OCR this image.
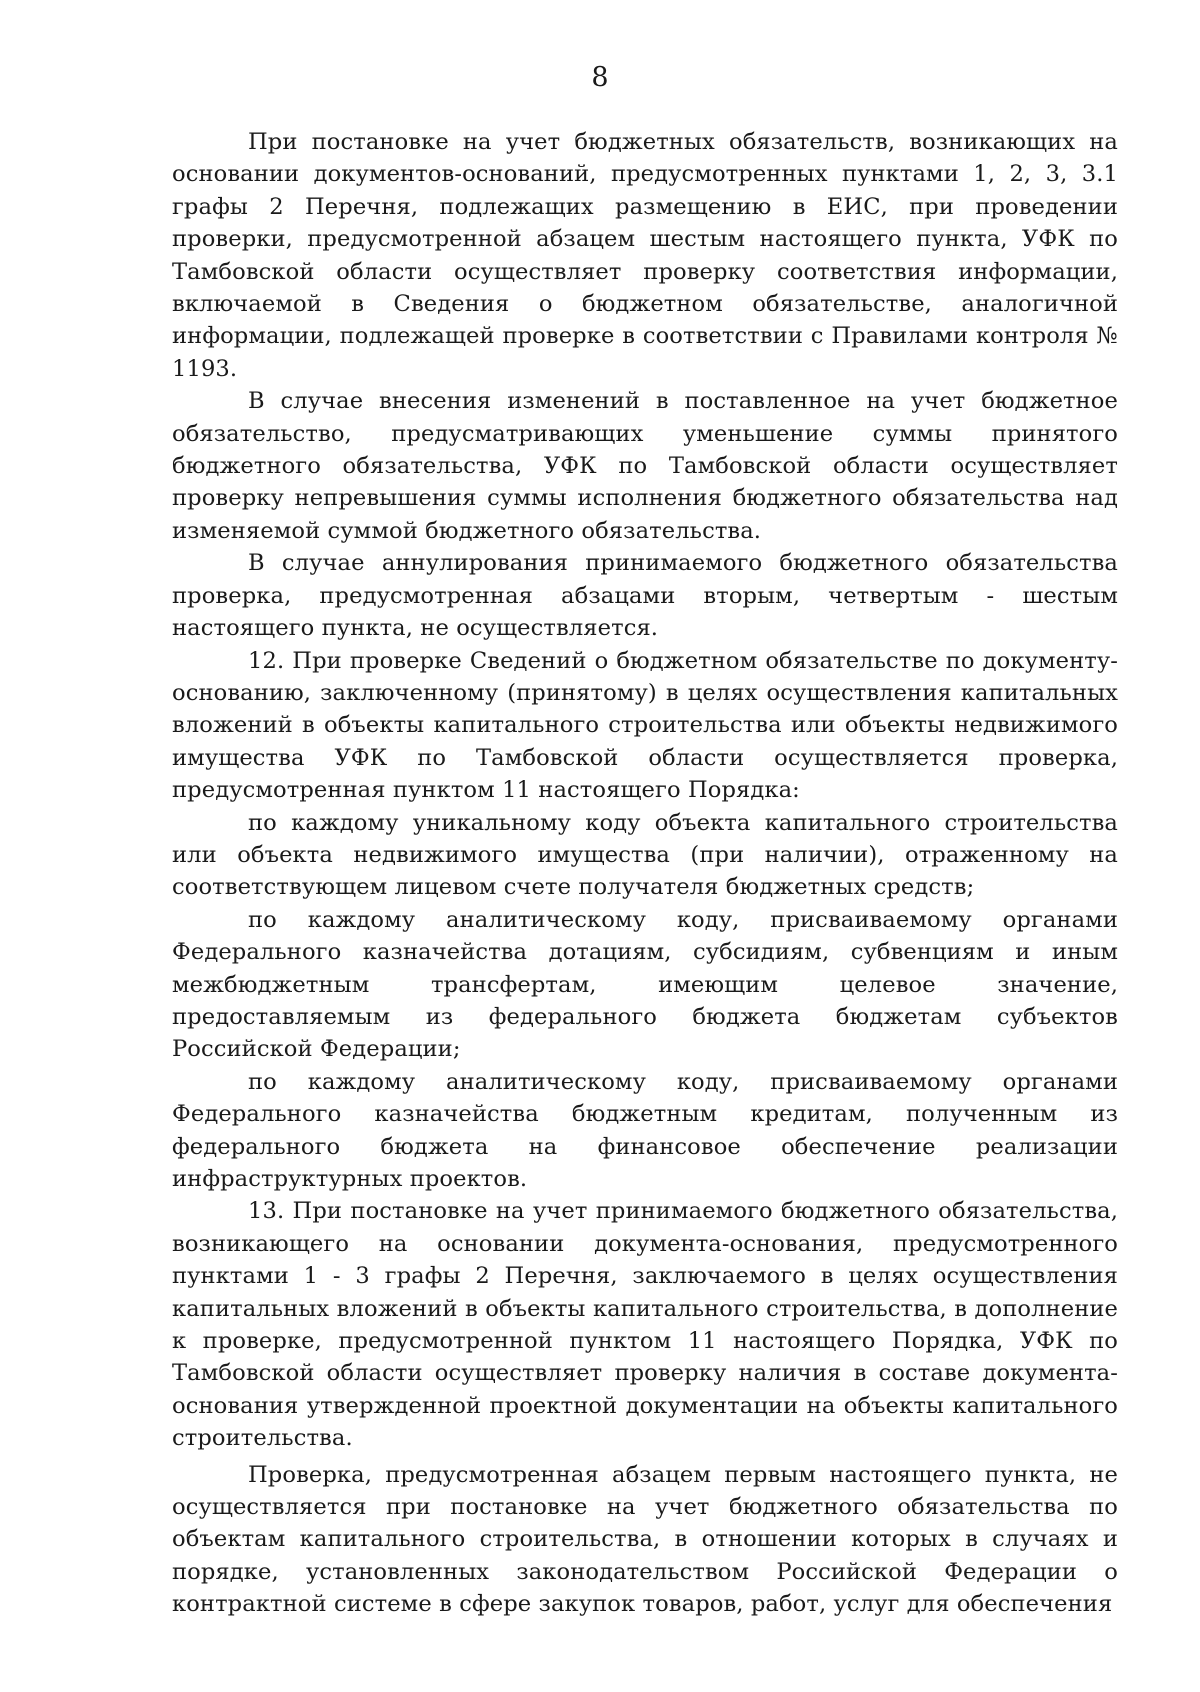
8

При постановке на учет бюджетных обязательств, возникающих на основании документов-оснований, предусмотренных пунктами 1, 2, 3, 3.1 графы 2 Перечня, подлежащих размещению в ЕИС, при проведении проверки, предусмотренной абзацем шестым настоящего пункта, УФК по Тамбовской области осуществляет проверку соответствия информации, включаемой в Сведения о бюджетном обязательстве, аналогичной информации, подлежащей проверке в соответствии с Правилами контроля № 1193.

В случае внесения изменений в поставленное на учет бюджетное обязательство, предусматривающих уменьшение суммы принятого бюджетного обязательства, УФК по Тамбовской области осуществляет проверку непревышения суммы исполнения бюджетного обязательства над изменяемой суммой бюджетного обязательства.

В случае аннулирования принимаемого бюджетного обязательства проверка, предусмотренная абзацами вторым, четвертым - шестым настоящего пункта, не осуществляется.

12. При проверке Сведений о бюджетном обязательстве по документу-основанию, заключенному (принятому) в целях осуществления капитальных вложений в объекты капитального строительства или объекты недвижимого имущества УФК по Тамбовской области осуществляется проверка, предусмотренная пунктом 11 настоящего Порядка:

по каждому уникальному коду объекта капитального строительства или объекта недвижимого имущества (при наличии), отраженному на соответствующем лицевом счете получателя бюджетных средств;

по каждому аналитическому коду, присваиваемому органами Федерального казначейства дотациям, субсидиям, субвенциям и иным межбюджетным трансфертам, имеющим целевое значение, предоставляемым из федерального бюджета бюджетам субъектов Российской Федерации;

по каждому аналитическому коду, присваиваемому органами Федерального казначейства бюджетным кредитам, полученным из федерального бюджета на финансовое обеспечение реализации инфраструктурных проектов.

13. При постановке на учет принимаемого бюджетного обязательства, возникающего на основании документа-основания, предусмотренного пунктами 1 - 3 графы 2 Перечня, заключаемого в целях осуществления капитальных вложений в объекты капитального строительства, в дополнение к проверке, предусмотренной пунктом 11 настоящего Порядка, УФК по Тамбовской области осуществляет проверку наличия в составе документа-основания утвержденной проектной документации на объекты капитального строительства.

Проверка, предусмотренная абзацем первым настоящего пункта, не осуществляется при постановке на учет бюджетного обязательства по объектам капитального строительства, в отношении которых в случаях и порядке, установленных законодательством Российской Федерации о контрактной системе в сфере закупок товаров, работ, услуг для обеспечения
